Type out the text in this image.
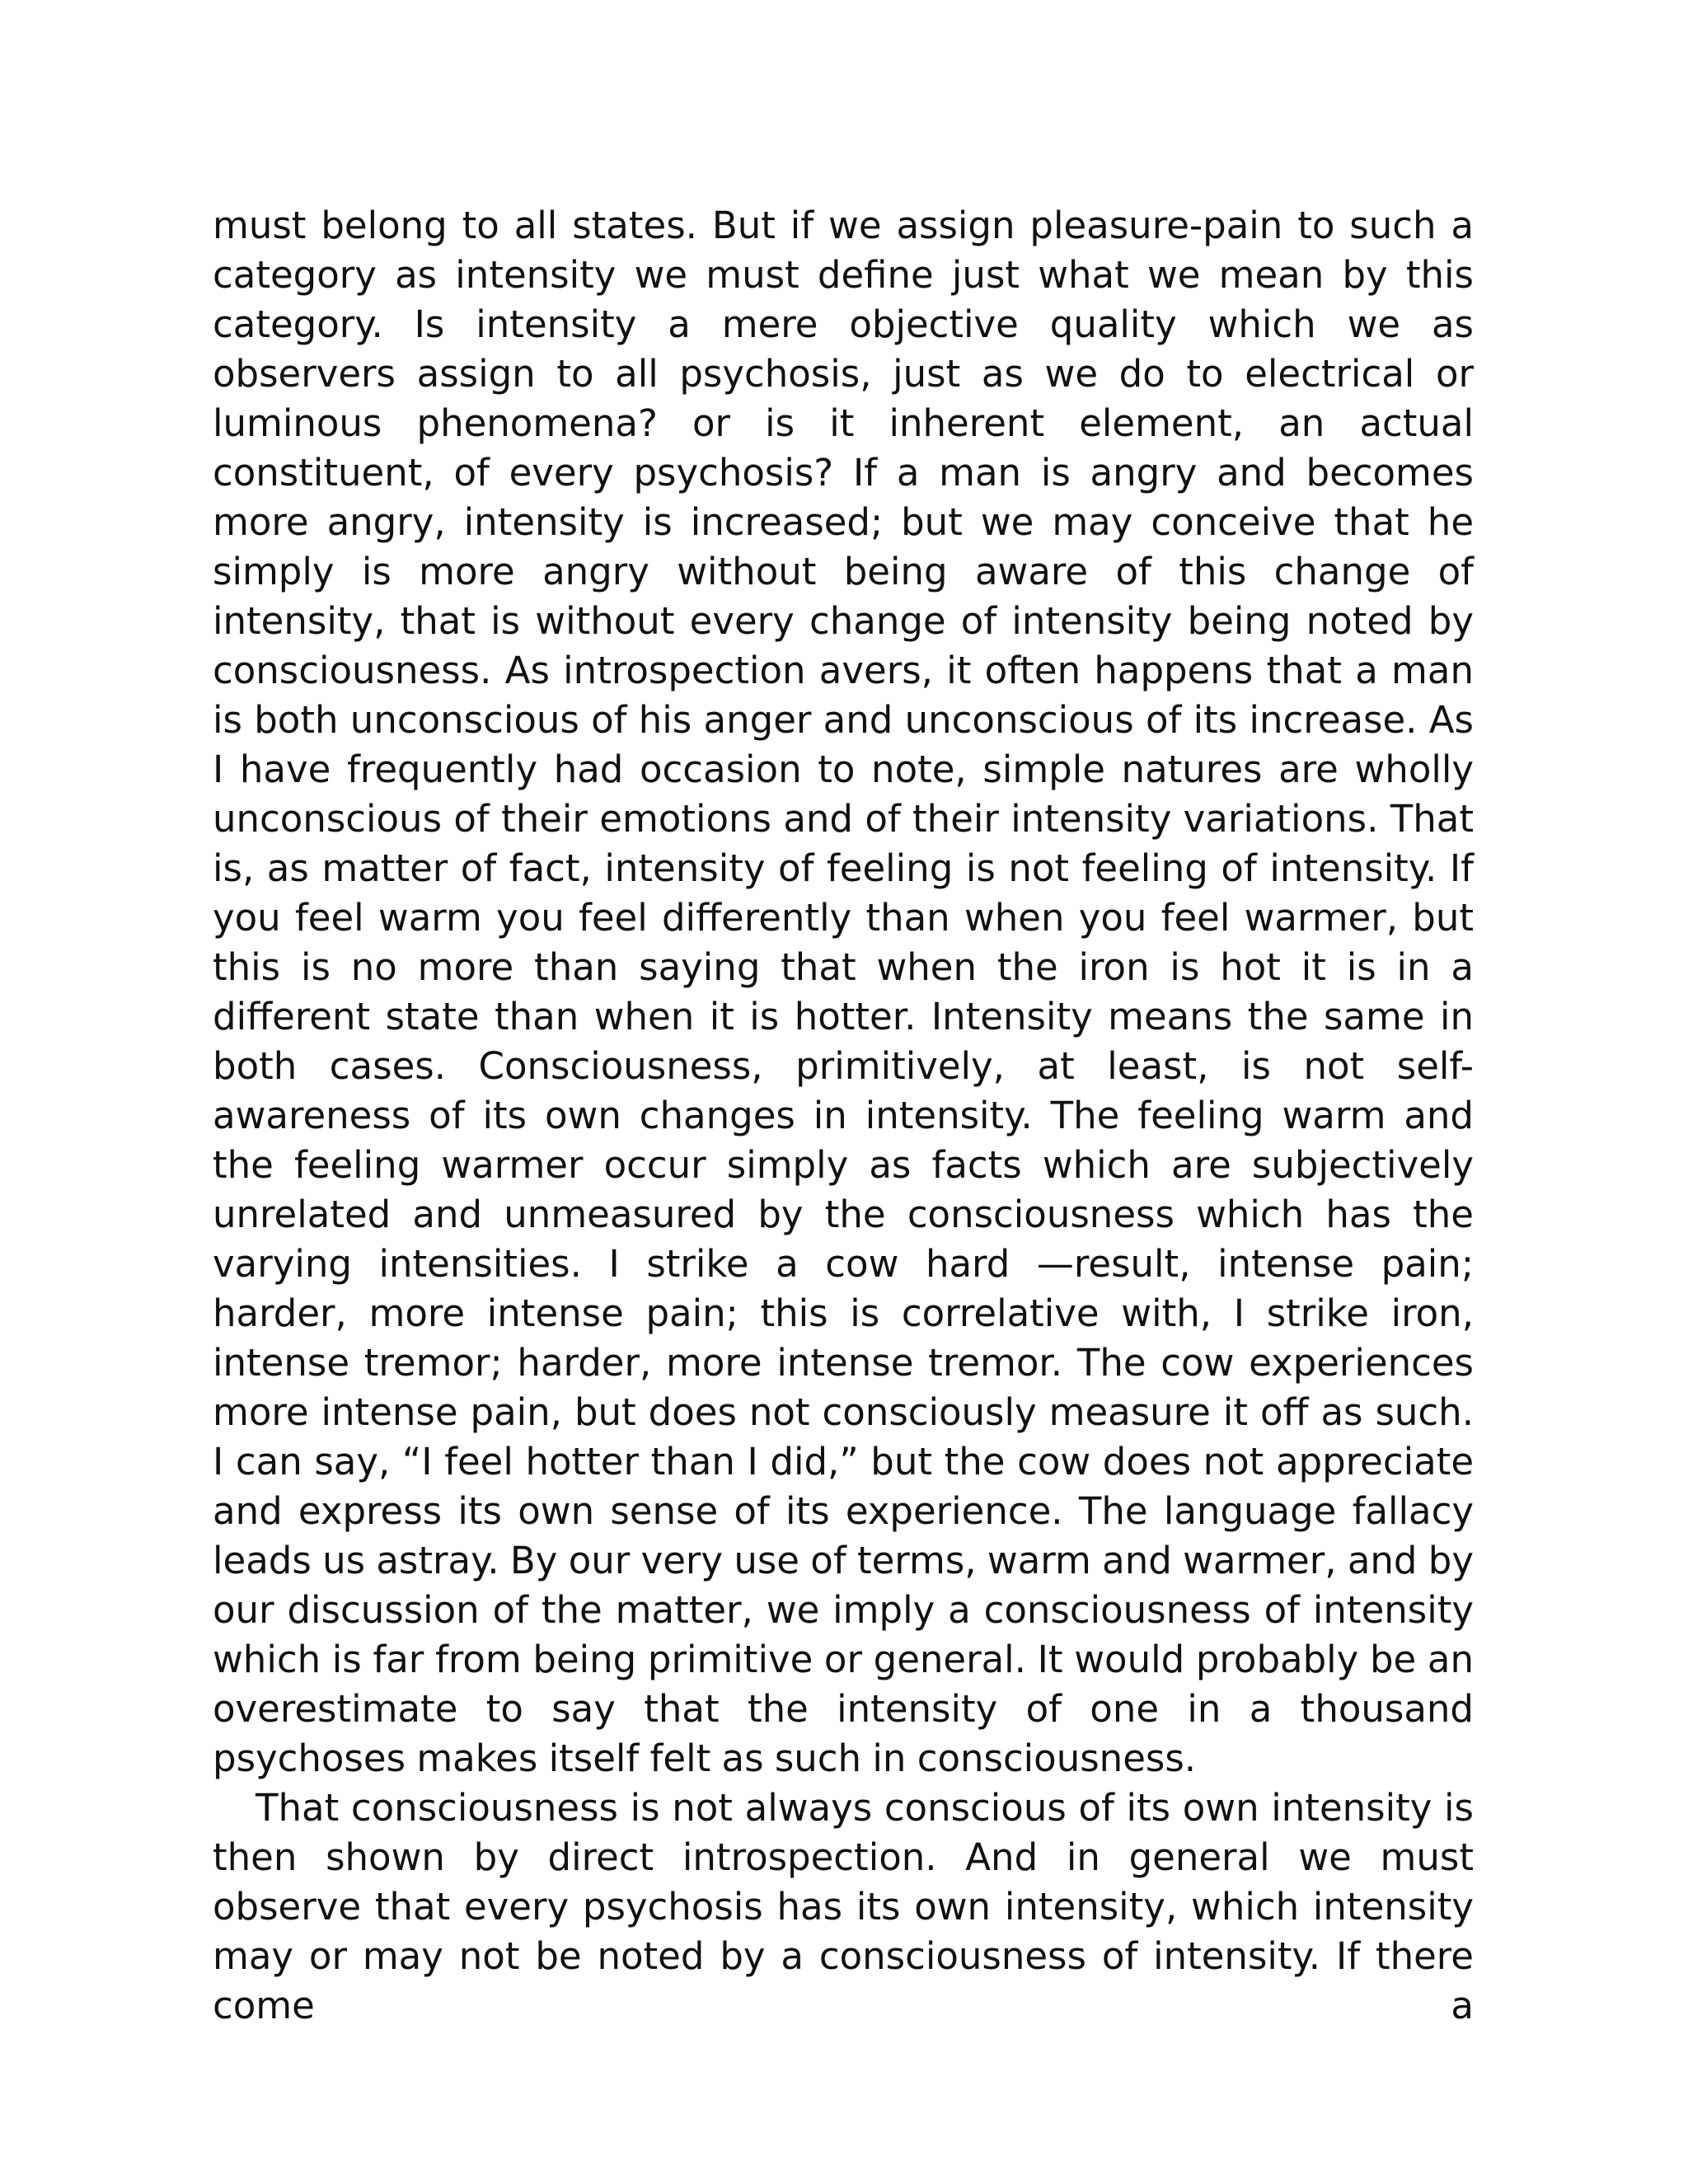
must belong to all states. But if we assign pleasure-pain to such a category as intensity we must define just what we mean by this category. Is intensity a mere objective quality which we as observers assign to all psychosis, just as we do to electrical or luminous phenomena? or is it inherent element, an actual constituent, of every psychosis? If a man is angry and becomes more angry, intensity is increased; but we may conceive that he simply is more angry without being aware of this change of intensity, that is without every change of intensity being noted by consciousness. As introspection avers, it often happens that a man is both unconscious of his anger and unconscious of its increase. As I have frequently had occasion to note, simple natures are wholly unconscious of their emotions and of their intensity variations. That is, as matter of fact, intensity of feeling is not feeling of intensity. If you feel warm you feel differently than when you feel warmer, but this is no more than saying that when the iron is hot it is in a different state than when it is hotter. Intensity means the same in both cases. Consciousness, primitively, at least, is not self-awareness of its own changes in intensity. The feeling warm and the feeling warmer occur simply as facts which are subjectively unrelated and unmeasured by the consciousness which has the varying intensities. I strike a cow hard —result, intense pain; harder, more intense pain; this is correlative with, I strike iron, intense tremor; harder, more intense tremor. The cow experiences more intense pain, but does not consciously measure it off as such. I can say, “I feel hotter than I did,” but the cow does not appreciate and express its own sense of its experience. The language fallacy leads us astray. By our very use of terms, warm and warmer, and by our discussion of the matter, we imply a consciousness of intensity which is far from being primitive or general. It would probably be an overestimate to say that the intensity of one in a thousand psychoses makes itself felt as such in consciousness.

That consciousness is not always conscious of its own intensity is then shown by direct introspection. And in general we must observe that every psychosis has its own intensity, which intensity may or may not be noted by a consciousness of intensity. If there come a
